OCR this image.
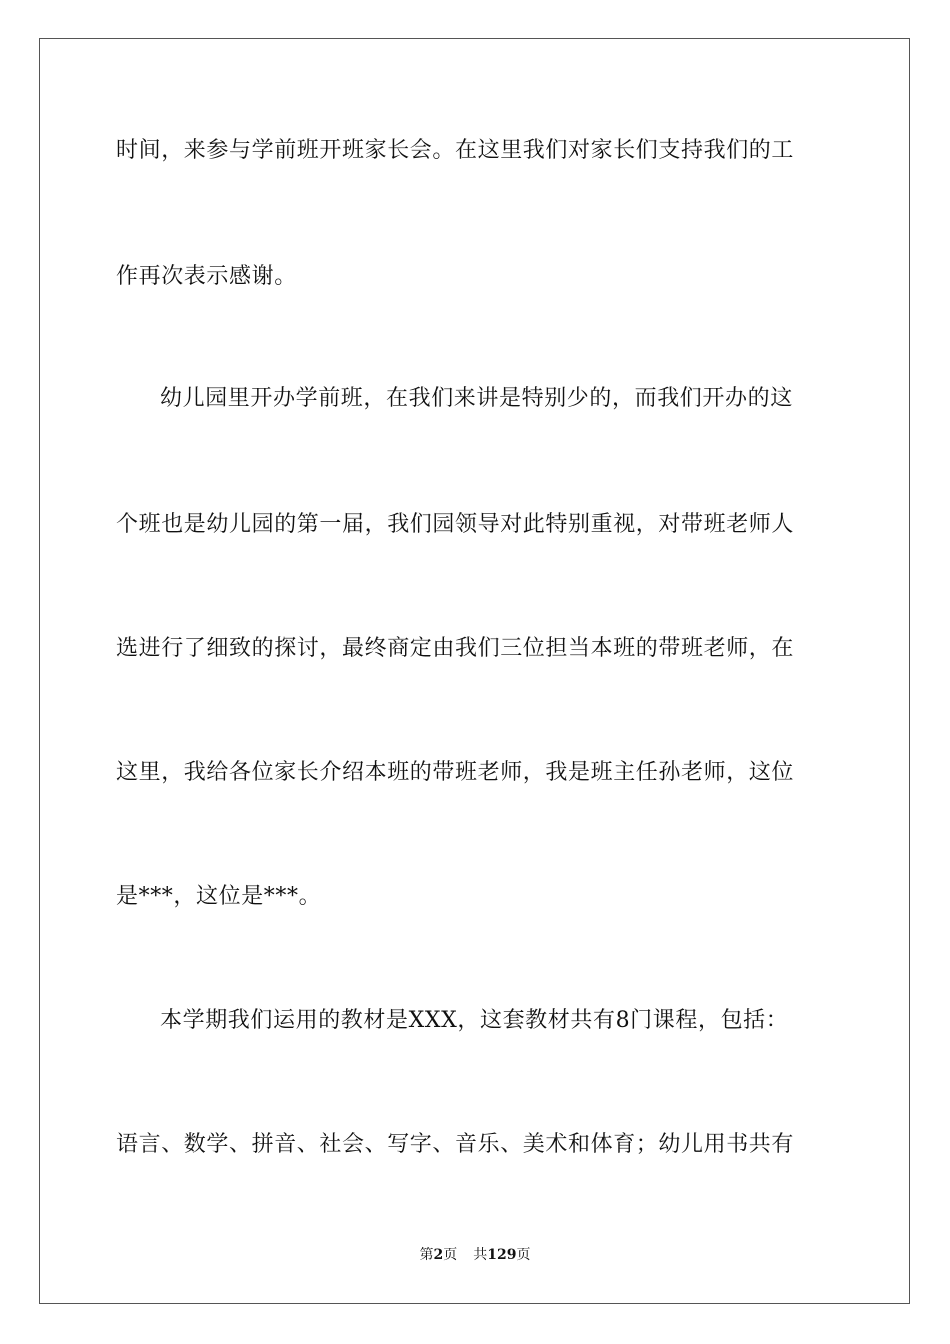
时间，来参与学前班开班家长会。在这里我们对家长们支持我们的工
作再次表示感谢。
幼儿园里开办学前班，在我们来讲是特别少的，而我们开办的这
个班也是幼儿园的第一届，我们园领导对此特别重视，对带班老师人
选进行了细致的探讨，最终商定由我们三位担当本班的带班老师，在
这里，我给各位家长介绍本班的带班老师，我是班主任孙老师，这位
是***，这位是***。
本学期我们运用的教材是XXX，这套教材共有8门课程，包括：
语言、数学、拼音、社会、写字、音乐、美术和体育；幼儿用书共有
第2页 共129页
